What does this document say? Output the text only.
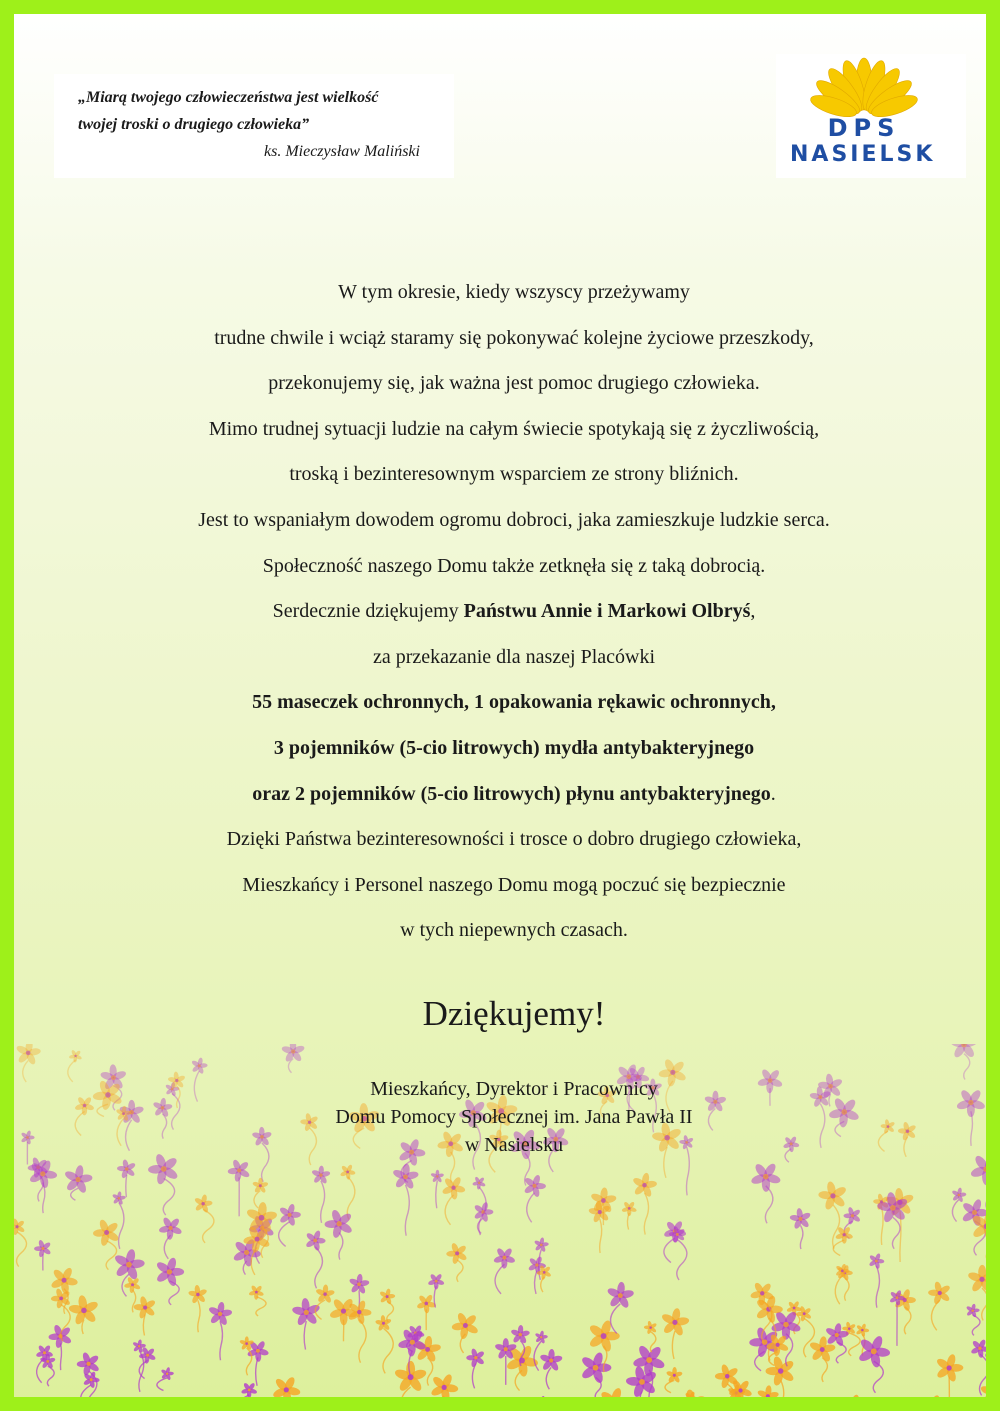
„Miarą twojego człowieczeństwa jest wielkość
twojej troski o drugiego człowieka”
ks. Mieczysław Maliński
DPS
NASIELSK
W tym okresie, kiedy wszyscy przeżywamy
trudne chwile i wciąż staramy się pokonywać kolejne życiowe przeszkody,
przekonujemy się, jak ważna jest pomoc drugiego człowieka.
Mimo trudnej sytuacji ludzie na całym świecie spotykają się z życzliwością,
troską i bezinteresownym wsparciem ze strony bliźnich.
Jest to wspaniałym dowodem ogromu dobroci, jaka zamieszkuje ludzkie serca.
Społeczność naszego Domu także zetknęła się z taką dobrocią.
Serdecznie dziękujemy Państwu Annie i Markowi Olbryś,
za przekazanie dla naszej Placówki
55 maseczek ochronnych, 1 opakowania rękawic ochronnych,
3 pojemników (5-cio litrowych) mydła antybakteryjnego
oraz 2 pojemników (5-cio litrowych) płynu antybakteryjnego.
Dzięki Państwa bezinteresowności i trosce o dobro drugiego człowieka,
Mieszkańcy i Personel naszego Domu mogą poczuć się bezpiecznie
w tych niepewnych czasach.
Dziękujemy!
Mieszkańcy, Dyrektor i Pracownicy
Domu Pomocy Społecznej im. Jana Pawła II
w Nasielsku
